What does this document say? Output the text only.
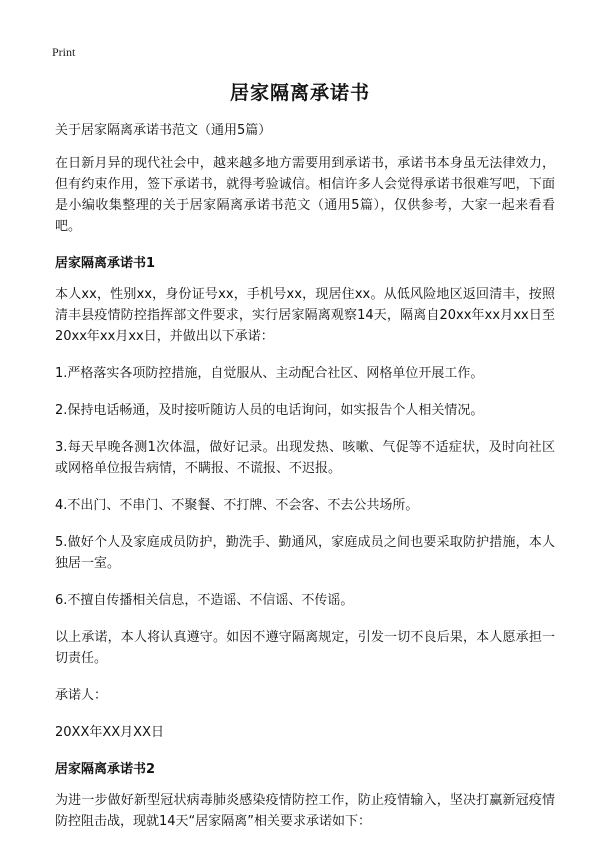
Print
居家隔离承诺书

关于居家隔离承诺书范文（通用5篇）

在日新月异的现代社会中，越来越多地方需要用到承诺书，承诺书本身虽无法律效力，但有约束作用，签下承诺书，就得考验诚信。相信许多人会觉得承诺书很难写吧，下面是小编收集整理的关于居家隔离承诺书范文（通用5篇），仅供参考，大家一起来看看吧。

居家隔离承诺书1

本人xx，性别xx，身份证号xx，手机号xx，现居住xx。从低风险地区返回清丰，按照清丰县疫情防控指挥部文件要求，实行居家隔离观察14天，隔离自20xx年xx月xx日至20xx年xx月xx日，并做出以下承诺：

1.严格落实各项防控措施，自觉服从、主动配合社区、网格单位开展工作。

2.保持电话畅通，及时接听随访人员的电话询问，如实报告个人相关情况。

3.每天早晚各测1次体温，做好记录。出现发热、咳嗽、气促等不适症状，及时向社区或网格单位报告病情，不瞒报、不谎报、不迟报。

4.不出门、不串门、不聚餐、不打牌、不会客、不去公共场所。

5.做好个人及家庭成员防护，勤洗手、勤通风，家庭成员之间也要采取防护措施，本人独居一室。

6.不擅自传播相关信息，不造谣、不信谣、不传谣。

以上承诺，本人将认真遵守。如因不遵守隔离规定，引发一切不良后果，本人愿承担一切责任。

承诺人：

20XX年XX月XX日

居家隔离承诺书2

为进一步做好新型冠状病毒肺炎感染疫情防控工作，防止疫情输入，坚决打赢新冠疫情防控阻击战，现就14天“居家隔离”相关要求承诺如下：
